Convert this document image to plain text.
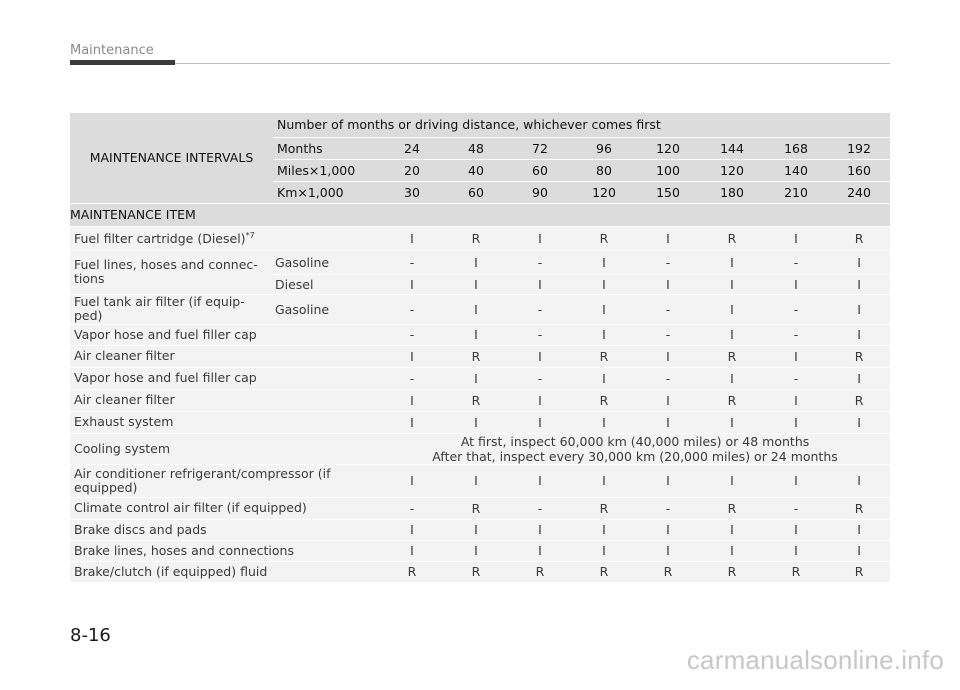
Maintenance
MAINTENANCE INTERVALS	Number of months or driving distance, whichever comes first								
	Months	24	48	72	96	120	144	168	192
	Miles×1,000	20	40	60	80	100	120	140	160
	Km×1,000	30	60	90	120	150	180	210	240
MAINTENANCE ITEM									
Fuel filter cartridge (Diesel)$^{*7}$		I	R	I	R	I	R	I	R
Fuel lines, hoses and connec-tions	Gasoline	-	I	-	I	-	I	-	I
	Diesel	I	I	I	I	I	I	I	I
Fuel tank air filter (if equip-ped)	Gasoline	-	I	-	I	-	I	-	I
Vapor hose and fuel filler cap		-	I	-	I	-	I	-	I
Air cleaner filter		I	R	I	R	I	R	I	R
Vapor hose and fuel filler cap		-	I	-	I	-	I	-	I
Air cleaner filter		I	R	I	R	I	R	I	R
Exhaust system		I	I	I	I	I	I	I	I
Cooling system		At first, inspect 60,000 km (40,000 miles) or 48 months
After that, inspect every 30,000 km (20,000 miles) or 24 months							

Air conditioner refrigerant/compressor (if equipped)		I	I	I	I	I	I	I	I
Climate control air filter (if equipped)		-	R	-	R	-	R	-	R
Brake discs and pads		I	I	I	I	I	I	I	I
Brake lines, hoses and connections		I	I	I	I	I	I	I	I
Brake/clutch (if equipped) fluid		R	R	R	R	R	R	R	R
8-16
carmanualsonline.info
